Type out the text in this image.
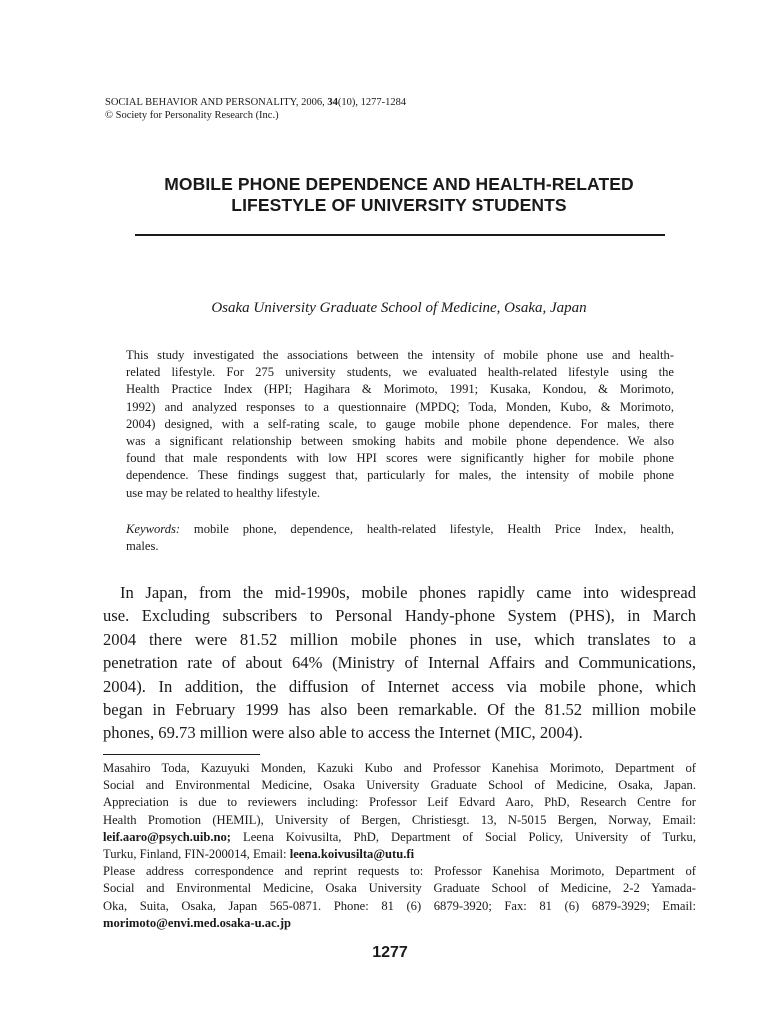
SOCIAL BEHAVIOR AND PERSONALITY, 2006, 34(10), 1277-1284
© Society for Personality Research (Inc.)
MOBILE PHONE DEPENDENCE AND HEALTH-RELATED
LIFESTYLE OF UNIVERSITY STUDENTS
Osaka University Graduate School of Medicine, Osaka, Japan
This study investigated the associations between the intensity of mobile phone use and health-
related lifestyle. For 275 university students, we evaluated health-related lifestyle using the
Health Practice Index (HPI; Hagihara & Morimoto, 1991; Kusaka, Kondou, & Morimoto,
1992) and analyzed responses to a questionnaire (MPDQ; Toda, Monden, Kubo, & Morimoto,
2004) designed, with a self-rating scale, to gauge mobile phone dependence. For males, there
was a significant relationship between smoking habits and mobile phone dependence. We also
found that male respondents with low HPI scores were significantly higher for mobile phone
dependence. These findings suggest that, particularly for males, the intensity of mobile phone
use may be related to healthy lifestyle.
Keywords: mobile phone, dependence, health-related lifestyle, Health Price Index, health,
males.
In Japan, from the mid-1990s, mobile phones rapidly came into widespread
use. Excluding subscribers to Personal Handy-phone System (PHS), in March
2004 there were 81.52 million mobile phones in use, which translates to a
penetration rate of about 64% (Ministry of Internal Affairs and Communications,
2004). In addition, the diffusion of Internet access via mobile phone, which
began in February 1999 has also been remarkable. Of the 81.52 million mobile
phones, 69.73 million were also able to access the Internet (MIC, 2004).
Masahiro Toda, Kazuyuki Monden, Kazuki Kubo and Professor Kanehisa Morimoto, Department of
Social and Environmental Medicine, Osaka University Graduate School of Medicine, Osaka, Japan.
Appreciation is due to reviewers including: Professor Leif Edvard Aaro, PhD, Research Centre for
Health Promotion (HEMIL), University of Bergen, Christiesgt. 13, N-5015 Bergen, Norway, Email:
leif.aaro@psych.uib.no; Leena Koivusilta, PhD, Department of Social Policy, University of Turku,
Turku, Finland, FIN-200014, Email: leena.koivusilta@utu.fi
Please address correspondence and reprint requests to: Professor Kanehisa Morimoto, Department of
Social and Environmental Medicine, Osaka University Graduate School of Medicine, 2-2 Yamada-
Oka, Suita, Osaka, Japan 565-0871. Phone: 81 (6) 6879-3920; Fax: 81 (6) 6879-3929; Email:
morimoto@envi.med.osaka-u.ac.jp
1277
